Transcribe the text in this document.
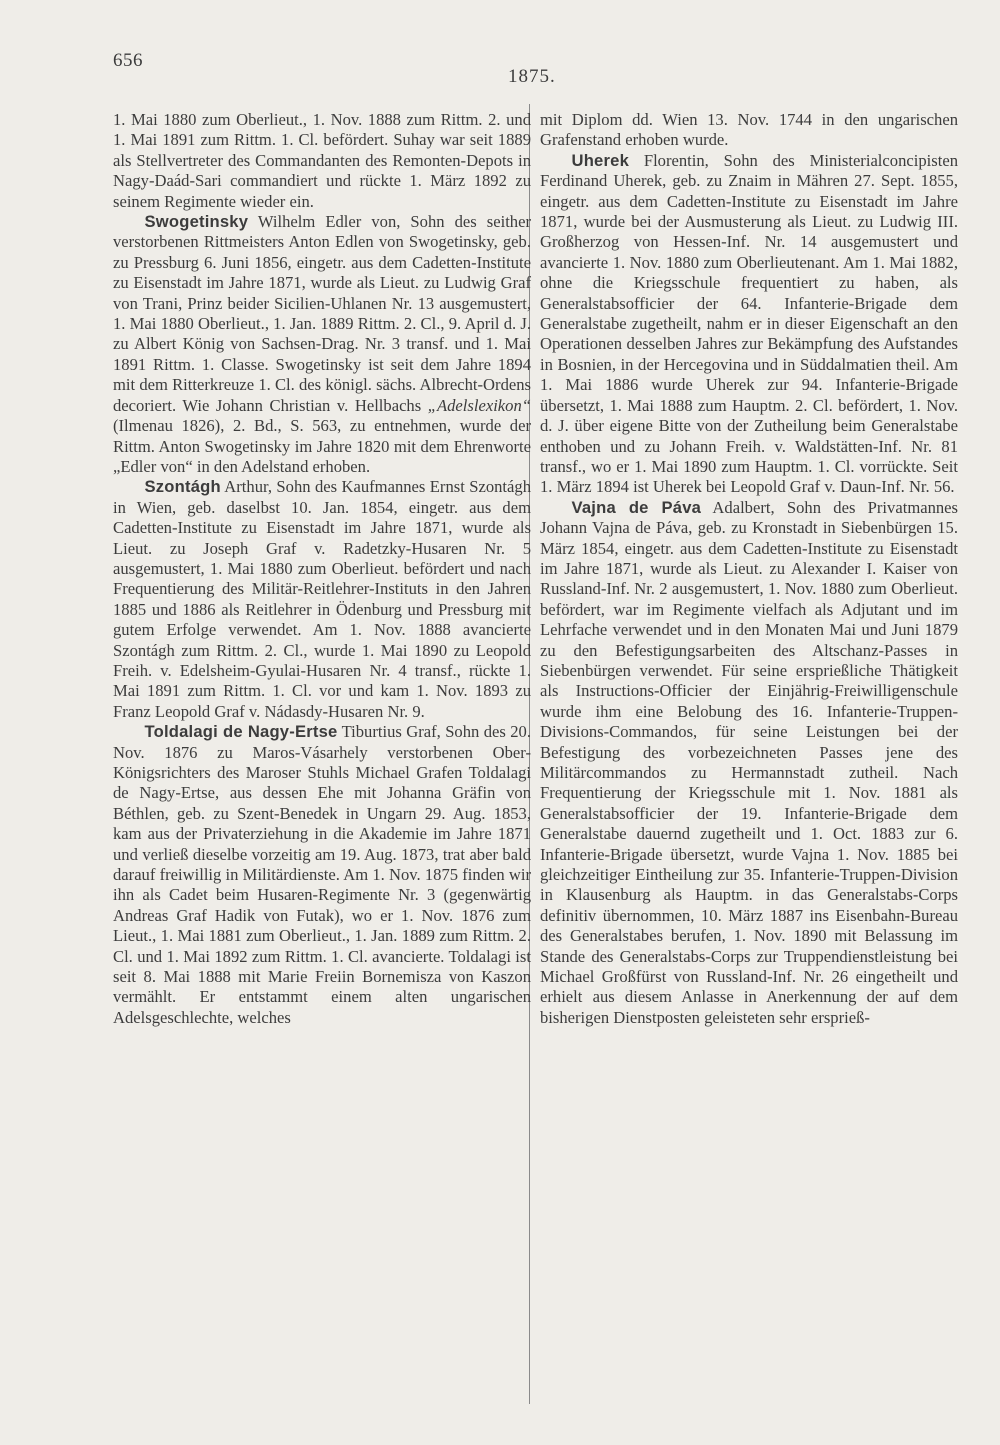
656
1875.

1. Mai 1880 zum Oberlieut., 1. Nov. 1888 zum Rittm. 2. und 1. Mai 1891 zum Rittm. 1. Cl. befördert. Suhay war seit 1889 als Stellvertreter des Commandanten des Remonten-Depots in Nagy-Daád-Sari commandiert und rückte 1. März 1892 zu seinem Regimente wieder ein.

Swogetinsky Wilhelm Edler von, Sohn des seither verstorbenen Rittmeisters Anton Edlen von Swogetinsky, geb. zu Pressburg 6. Juni 1856, eingetr. aus dem Cadetten-Institute zu Eisenstadt im Jahre 1871, wurde als Lieut. zu Ludwig Graf von Trani, Prinz beider Sicilien-Uhlanen Nr. 13 ausgemustert, 1. Mai 1880 Oberlieut., 1. Jan. 1889 Rittm. 2. Cl., 9. April d. J. zu Albert König von Sachsen-Drag. Nr. 3 transf. und 1. Mai 1891 Rittm. 1. Classe. Swogetinsky ist seit dem Jahre 1894 mit dem Ritterkreuze 1. Cl. des königl. sächs. Albrecht-Ordens decoriert. Wie Johann Christian v. Hellbachs „Adelslexikon“ (Ilmenau 1826), 2. Bd., S. 563, zu entnehmen, wurde der Rittm. Anton Swogetinsky im Jahre 1820 mit dem Ehrenworte „Edler von“ in den Adelstand erhoben.

Szontágh Arthur, Sohn des Kaufmannes Ernst Szontágh in Wien, geb. daselbst 10. Jan. 1854, eingetr. aus dem Cadetten-Institute zu Eisenstadt im Jahre 1871, wurde als Lieut. zu Joseph Graf v. Radetzky-Husaren Nr. 5 ausgemustert, 1. Mai 1880 zum Oberlieut. befördert und nach Frequentierung des Militär-Reitlehrer-Instituts in den Jahren 1885 und 1886 als Reitlehrer in Ödenburg und Pressburg mit gutem Erfolge verwendet. Am 1. Nov. 1888 avancierte Szontágh zum Rittm. 2. Cl., wurde 1. Mai 1890 zu Leopold Freih. v. Edelsheim-Gyulai-Husaren Nr. 4 transf., rückte 1. Mai 1891 zum Rittm. 1. Cl. vor und kam 1. Nov. 1893 zu Franz Leopold Graf v. Nádasdy-Husaren Nr. 9.

Toldalagi de Nagy-Ertse Tiburtius Graf, Sohn des 20. Nov. 1876 zu Maros-Vásarhely verstorbenen Ober-Königsrichters des Maroser Stuhls Michael Grafen Toldalagi de Nagy-Ertse, aus dessen Ehe mit Johanna Gräfin von Béthlen, geb. zu Szent-Benedek in Ungarn 29. Aug. 1853, kam aus der Privaterziehung in die Akademie im Jahre 1871 und verließ dieselbe vorzeitig am 19. Aug. 1873, trat aber bald darauf freiwillig in Militärdienste. Am 1. Nov. 1875 finden wir ihn als Cadet beim Husaren-Regimente Nr. 3 (gegenwärtig Andreas Graf Hadik von Futak), wo er 1. Nov. 1876 zum Lieut., 1. Mai 1881 zum Oberlieut., 1. Jan. 1889 zum Rittm. 2. Cl. und 1. Mai 1892 zum Rittm. 1. Cl. avancierte. Toldalagi ist seit 8. Mai 1888 mit Marie Freiin Bornemisza von Kaszon vermählt. Er entstammt einem alten ungarischen Adelsgeschlechte, welches

mit Diplom dd. Wien 13. Nov. 1744 in den ungarischen Grafenstand erhoben wurde.

Uherek Florentin, Sohn des Ministerialconcipisten Ferdinand Uherek, geb. zu Znaim in Mähren 27. Sept. 1855, eingetr. aus dem Cadetten-Institute zu Eisenstadt im Jahre 1871, wurde bei der Ausmusterung als Lieut. zu Ludwig III. Großherzog von Hessen-Inf. Nr. 14 ausgemustert und avancierte 1. Nov. 1880 zum Oberlieutenant. Am 1. Mai 1882, ohne die Kriegsschule frequentiert zu haben, als Generalstabsofficier der 64. Infanterie-Brigade dem Generalstabe zugetheilt, nahm er in dieser Eigenschaft an den Operationen desselben Jahres zur Bekämpfung des Aufstandes in Bosnien, in der Hercegovina und in Süddalmatien theil. Am 1. Mai 1886 wurde Uherek zur 94. Infanterie-Brigade übersetzt, 1. Mai 1888 zum Hauptm. 2. Cl. befördert, 1. Nov. d. J. über eigene Bitte von der Zutheilung beim Generalstabe enthoben und zu Johann Freih. v. Waldstätten-Inf. Nr. 81 transf., wo er 1. Mai 1890 zum Hauptm. 1. Cl. vorrückte. Seit 1. März 1894 ist Uherek bei Leopold Graf v. Daun-Inf. Nr. 56.

Vajna de Páva Adalbert, Sohn des Privatmannes Johann Vajna de Páva, geb. zu Kronstadt in Siebenbürgen 15. März 1854, eingetr. aus dem Cadetten-Institute zu Eisenstadt im Jahre 1871, wurde als Lieut. zu Alexander I. Kaiser von Russland-Inf. Nr. 2 ausgemustert, 1. Nov. 1880 zum Oberlieut. befördert, war im Regimente vielfach als Adjutant und im Lehrfache verwendet und in den Monaten Mai und Juni 1879 zu den Befestigungsarbeiten des Altschanz-Passes in Siebenbürgen verwendet. Für seine ersprießliche Thätigkeit als Instructions-Officier der Einjährig-Freiwilligenschule wurde ihm eine Belobung des 16. Infanterie-Truppen-Divisions-Commandos, für seine Leistungen bei der Befestigung des vorbezeichneten Passes jene des Militärcommandos zu Hermannstadt zutheil. Nach Frequentierung der Kriegsschule mit 1. Nov. 1881 als Generalstabsofficier der 19. Infanterie-Brigade dem Generalstabe dauernd zugetheilt und 1. Oct. 1883 zur 6. Infanterie-Brigade übersetzt, wurde Vajna 1. Nov. 1885 bei gleichzeitiger Eintheilung zur 35. Infanterie-Truppen-Division in Klausenburg als Hauptm. in das Generalstabs-Corps definitiv übernommen, 10. März 1887 ins Eisenbahn-Bureau des Generalstabes berufen, 1. Nov. 1890 mit Belassung im Stande des Generalstabs-Corps zur Truppendienstleistung bei Michael Großfürst von Russland-Inf. Nr. 26 eingetheilt und erhielt aus diesem Anlasse in Anerkennung der auf dem bisherigen Dienstposten geleisteten sehr ersprieß-
